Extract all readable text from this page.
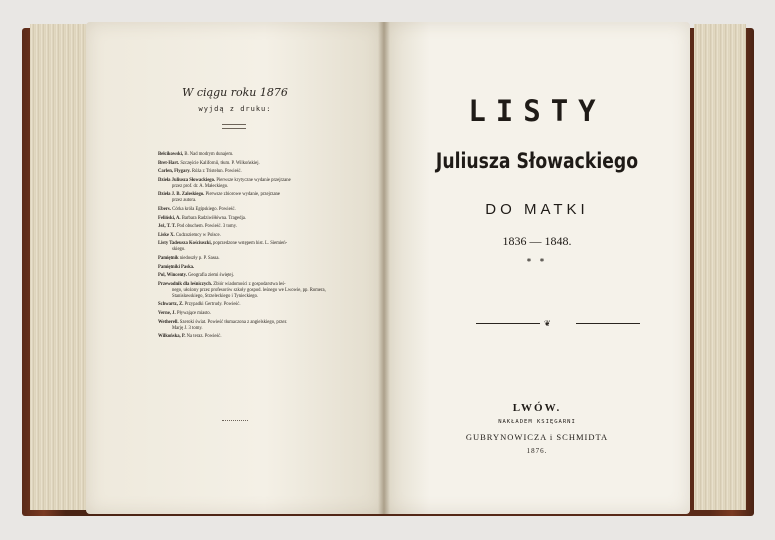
W ciągu roku 1876
wyjdą z druku:
Bełcikowski, B. Nad modrym dunajem.
Bret-Hart. Szczęście Kalifornii, tłum. P. Wilkońskiej.
Carlen, Flygary. Róża z Tristelun. Powieść.
Dzieła Juliusza Słowackiego. Pierwsze krytyczne wydanie przejrzane
przez prof. dr. A. Małeckiego.
Dzieła J. B. Zaleskiego. Pierwsze zbiorowe wydanie, przejrzane
przez autora.
Ebers. Córka króla Egipskiego. Powieść.
Feliński, A. Barbara Radziwiłłówna. Tragedja.
Jeż, T. T. Pod obuchem. Powieść. 3 tomy.
Liske X. Cudzoziemcy w Polsce.
Listy Tadeusza Kościuszki, poprzedzone wstępem hist. L. Siemień-
skiego.
Pamiętnik niedoszły p. P. Sassa.
Pamiętniki Paska.
Pol, Wincenty. Geografia ziemi świętej.
Przewodnik dla leśniczych. Zbiór wiadomości z gospodarstwa leś-
nego, ułożony przez profesorów szkoły gospod. leśnego we Lwowie, pp. Romera, Stanisławskiego, Strzeleckiego i Tynieckiego.
Schwartz, Z. Przypadki Gertrudy. Powieść.
Verne, J. Pływające miasto.
Wetherell. Szeroki świat. Powieść tłumaczona z angielskiego, przez
Marję J. 3 tomy.
Wilkońska, P. Na teraz. Powieść.
LISTY
Juliusza Słowackiego
DO MATKI
1836 — 1848.
* *
❦
LWÓW.
NAKŁADEM KSIĘGARNI
GUBRYNOWICZA i SCHMIDTA
1876.
